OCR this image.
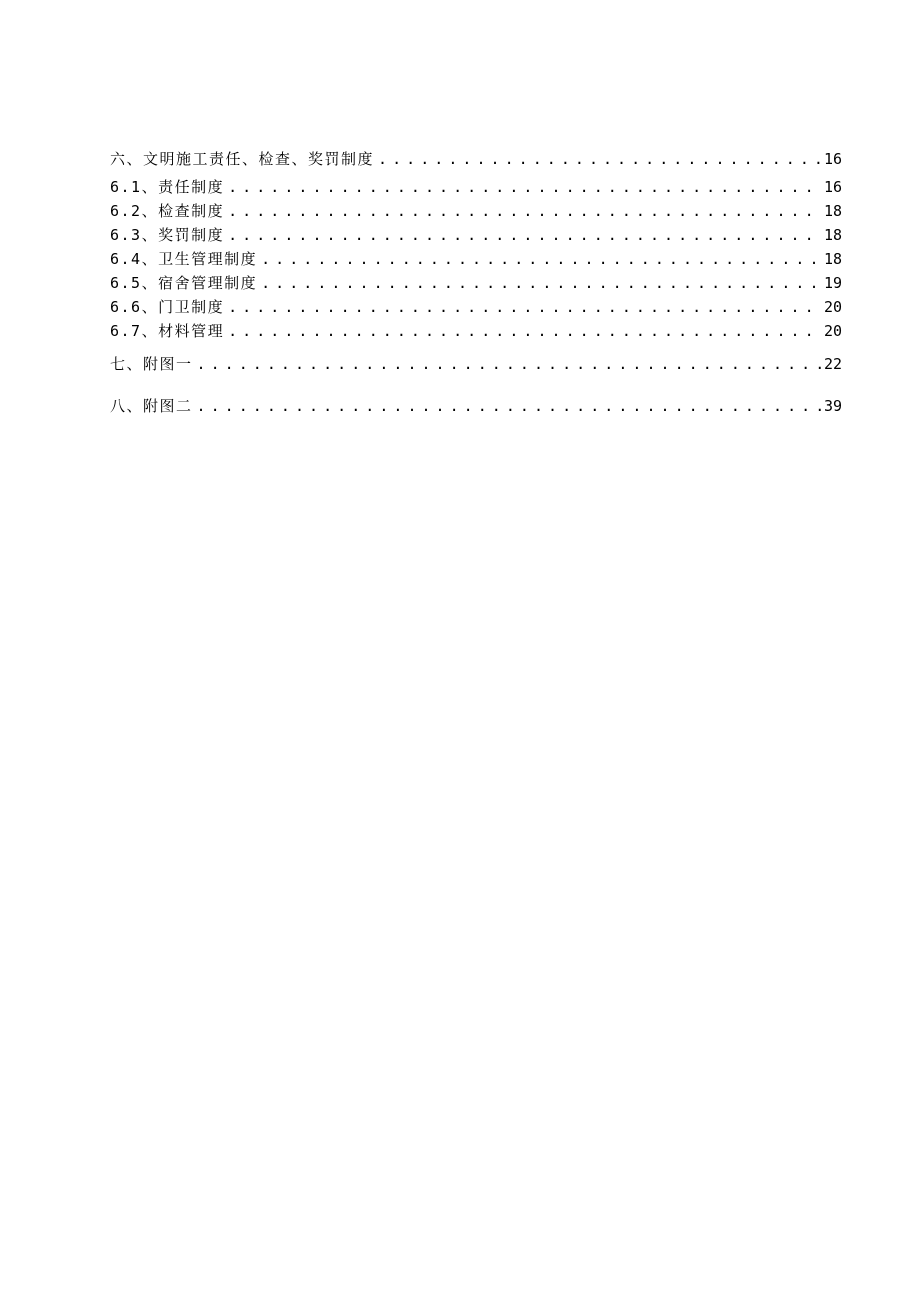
六、文明施工责任、检查、奖罚制度 . . .	16
6.1、责任制度 . . .	16
6.2、检查制度 . . .	18
6.3、奖罚制度 . . .	18
6.4、卫生管理制度 . . .	18
6.5、宿舍管理制度 . . .	19
6.6、门卫制度 . . .	20
6.7、材料管理 . . .	20
七、附图一 . . .	22
八、附图二 . . .	39
